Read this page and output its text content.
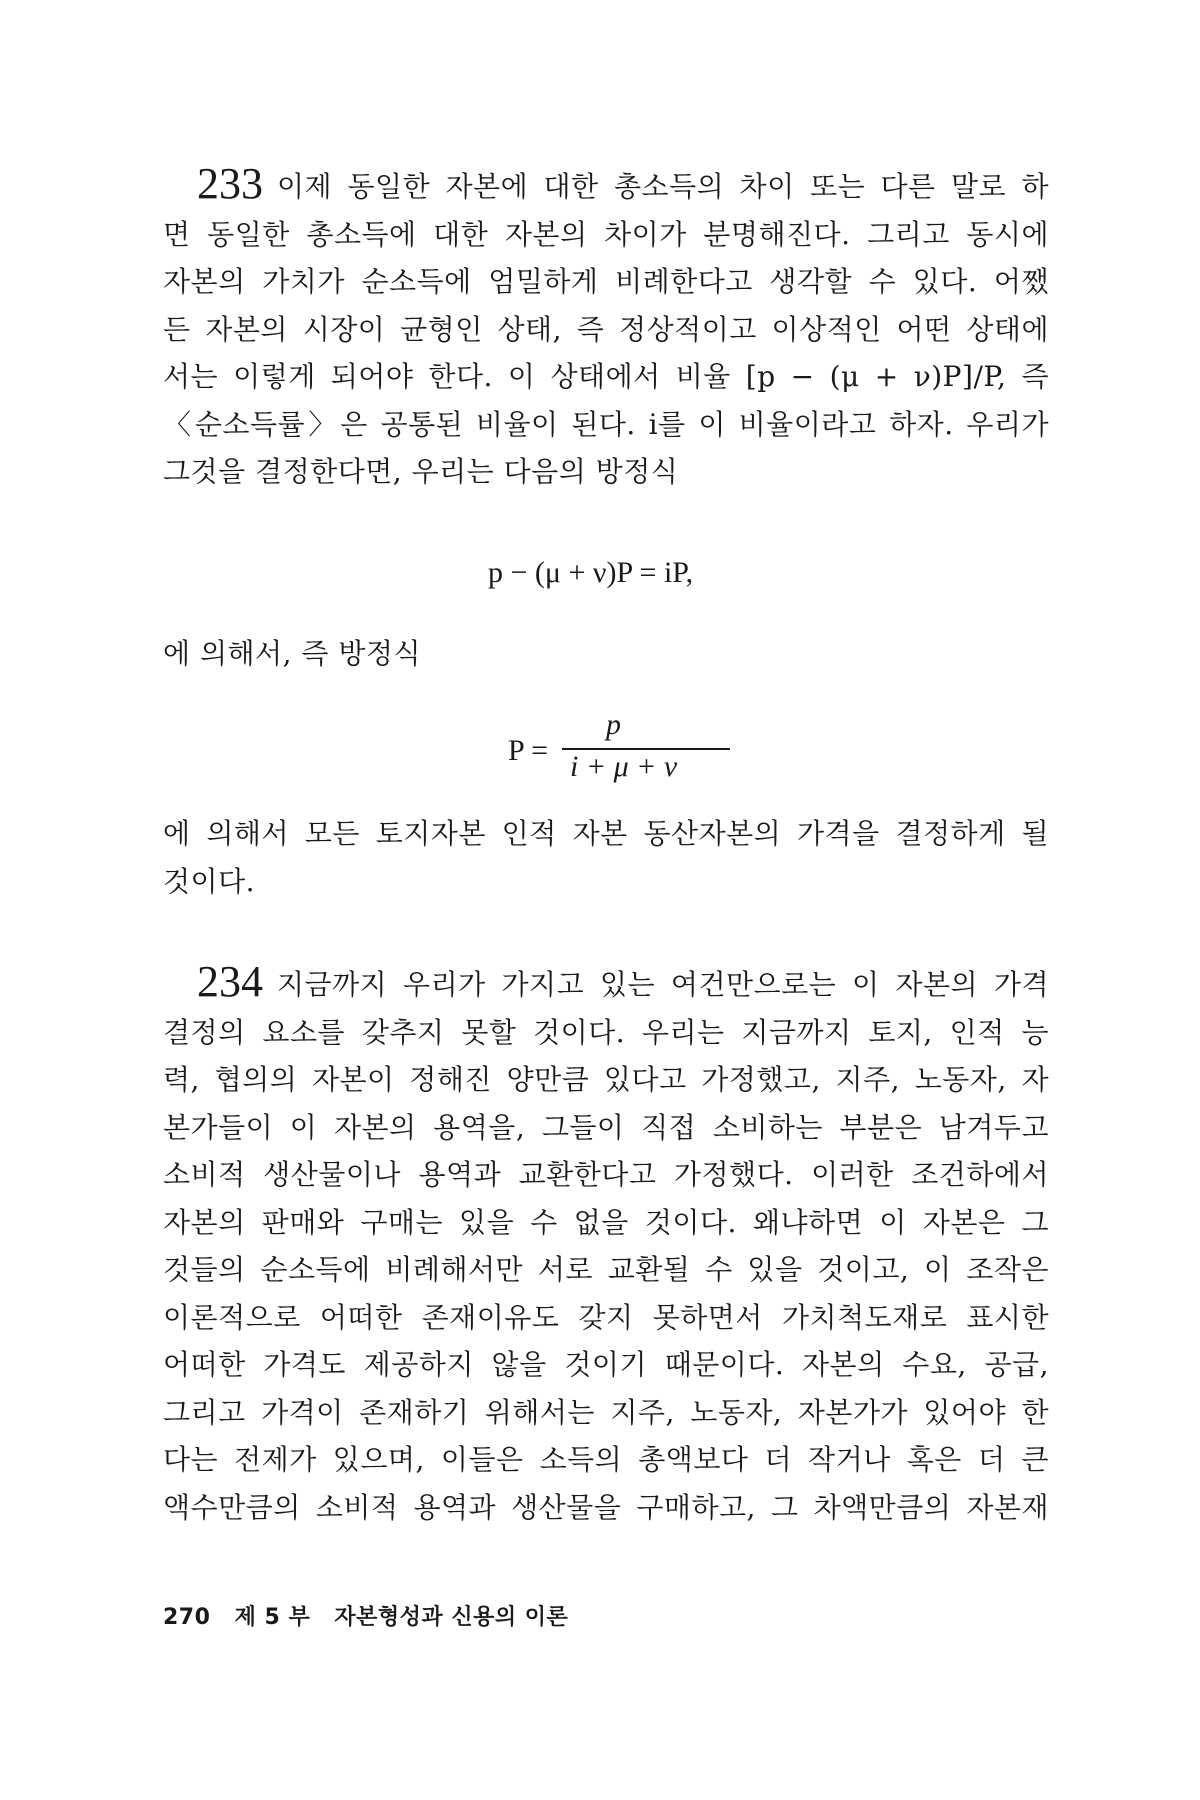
233 이제 동일한 자본에 대한 총소득의 차이 또는 다른 말로 하
면 동일한 총소득에 대한 자본의 차이가 분명해진다. 그리고 동시에
자본의 가치가 순소득에 엄밀하게 비례한다고 생각할 수 있다. 어쨌
든 자본의 시장이 균형인 상태, 즉 정상적이고 이상적인 어떤 상태에
서는 이렇게 되어야 한다. 이 상태에서 비율 [p − (μ + ν)P]/P, 즉
〈순소득률〉은 공통된 비율이 된다. i를 이 비율이라고 하자. 우리가
그것을 결정한다면, 우리는 다음의 방정식
p − (μ + ν)P = iP,
에 의해서, 즉 방정식
P =
p
i + μ + ν
에 의해서 모든 토지자본 인적 자본 동산자본의 가격을 결정하게 될
것이다.
234 지금까지 우리가 가지고 있는 여건만으로는 이 자본의 가격
결정의 요소를 갖추지 못할 것이다. 우리는 지금까지 토지, 인적 능
력, 협의의 자본이 정해진 양만큼 있다고 가정했고, 지주, 노동자, 자
본가들이 이 자본의 용역을, 그들이 직접 소비하는 부분은 남겨두고
소비적 생산물이나 용역과 교환한다고 가정했다. 이러한 조건하에서
자본의 판매와 구매는 있을 수 없을 것이다. 왜냐하면 이 자본은 그
것들의 순소득에 비례해서만 서로 교환될 수 있을 것이고, 이 조작은
이론적으로 어떠한 존재이유도 갖지 못하면서 가치척도재로 표시한
어떠한 가격도 제공하지 않을 것이기 때문이다. 자본의 수요, 공급,
그리고 가격이 존재하기 위해서는 지주, 노동자, 자본가가 있어야 한
다는 전제가 있으며, 이들은 소득의 총액보다 더 작거나 혹은 더 큰
액수만큼의 소비적 용역과 생산물을 구매하고, 그 차액만큼의 자본재
270 제 5 부 자본형성과 신용의 이론
